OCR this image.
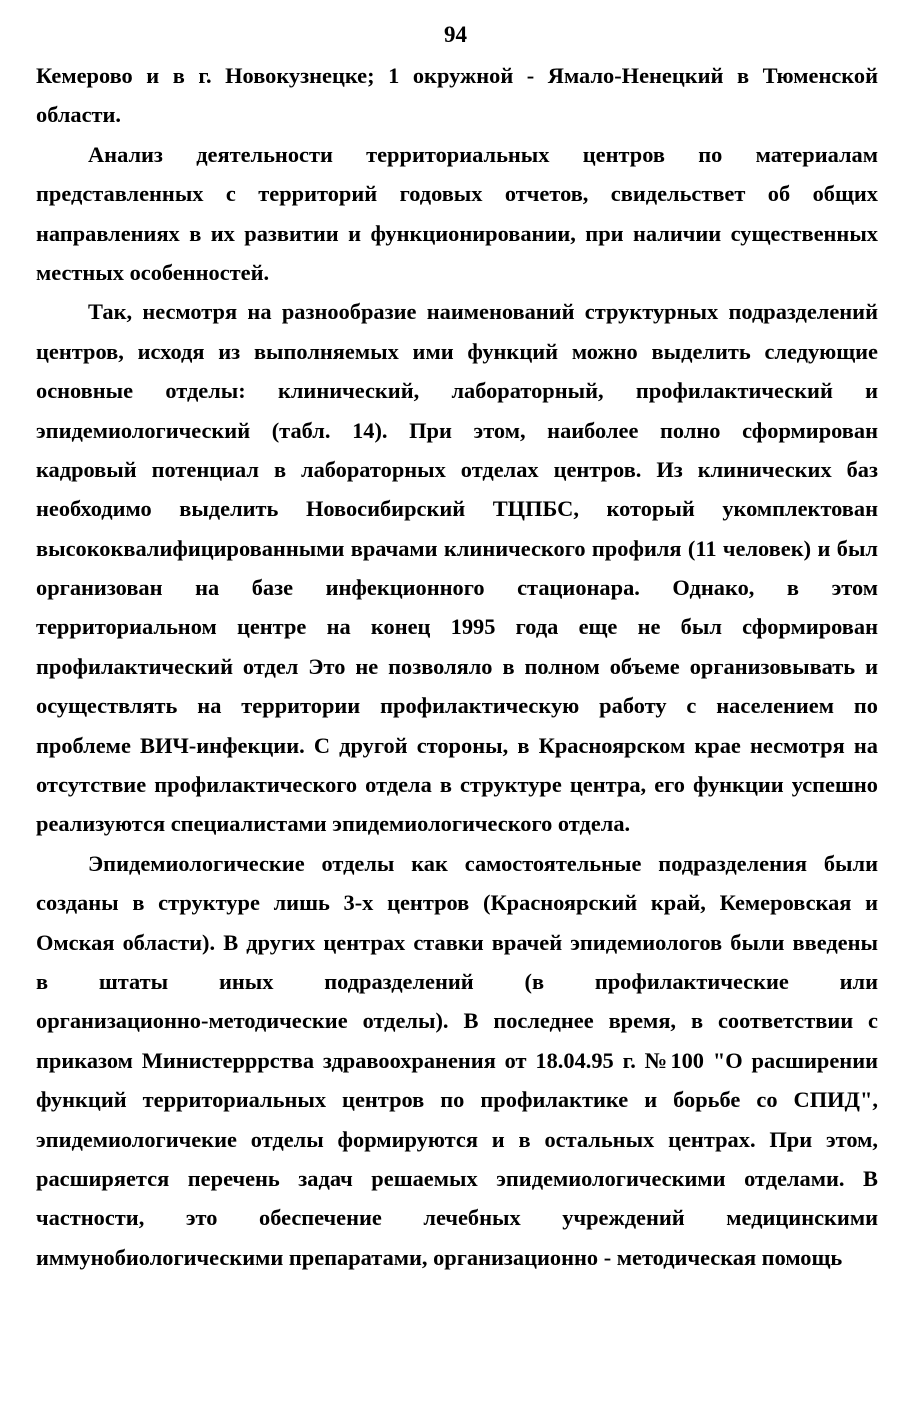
94
Кемерово и в г. Новокузнецке; 1 окружной - Ямало-Ненецкий в Тюменской
области.
Анализ деятельности территориальных центров по материалам
представленных с территорий годовых отчетов, свидельствет об общих
направлениях в их развитии и функционировании, при наличии существенных
местных особенностей.
Так, несмотря на разнообразие наименований структурных подразделений
центров, исходя из выполняемых ими функций можно выделить следующие
основные отделы: клинический, лабораторный, профилактический и
эпидемиологический (табл. 14). При этом, наиболее полно сформирован
кадровый потенциал в лабораторных отделах центров. Из клинических баз
необходимо выделить Новосибирский ТЦПБС, который укомплектован
высококвалифицированными врачами клинического профиля (11 человек) и был
организован на базе инфекционного стационара. Однако, в этом
территориальном центре на конец 1995 года еще не был сформирован
профилактический отдел Это не позволяло в полном объеме организовывать и
осуществлять на территории профилактическую работу с населением по
проблеме ВИЧ-инфекции. С другой стороны, в Красноярском крае несмотря на
отсутствие профилактического отдела в структуре центра, его функции успешно
реализуются специалистами эпидемиологического отдела.
Эпидемиологические отделы как самостоятельные подразделения были
созданы в структуре лишь 3-х центров (Красноярский край, Кемеровская и
Омская области). В других центрах ставки врачей эпидемиологов были введены
в штаты иных подразделений (в профилактические или
организационно-методические отделы). В последнее время, в соответствии с
приказом Министерррства здравоохранения от 18.04.95 г. №100 "О расширении
функций территориальных центров по профилактике и борьбе со СПИД",
эпидемиологичекие отделы формируются и в остальных центрах. При этом,
расширяется перечень задач решаемых эпидемиологическими отделами. В
частности, это обеспечение лечебных учреждений медицинскими
иммунобиологическими препаратами, организационно - методическая помощь
